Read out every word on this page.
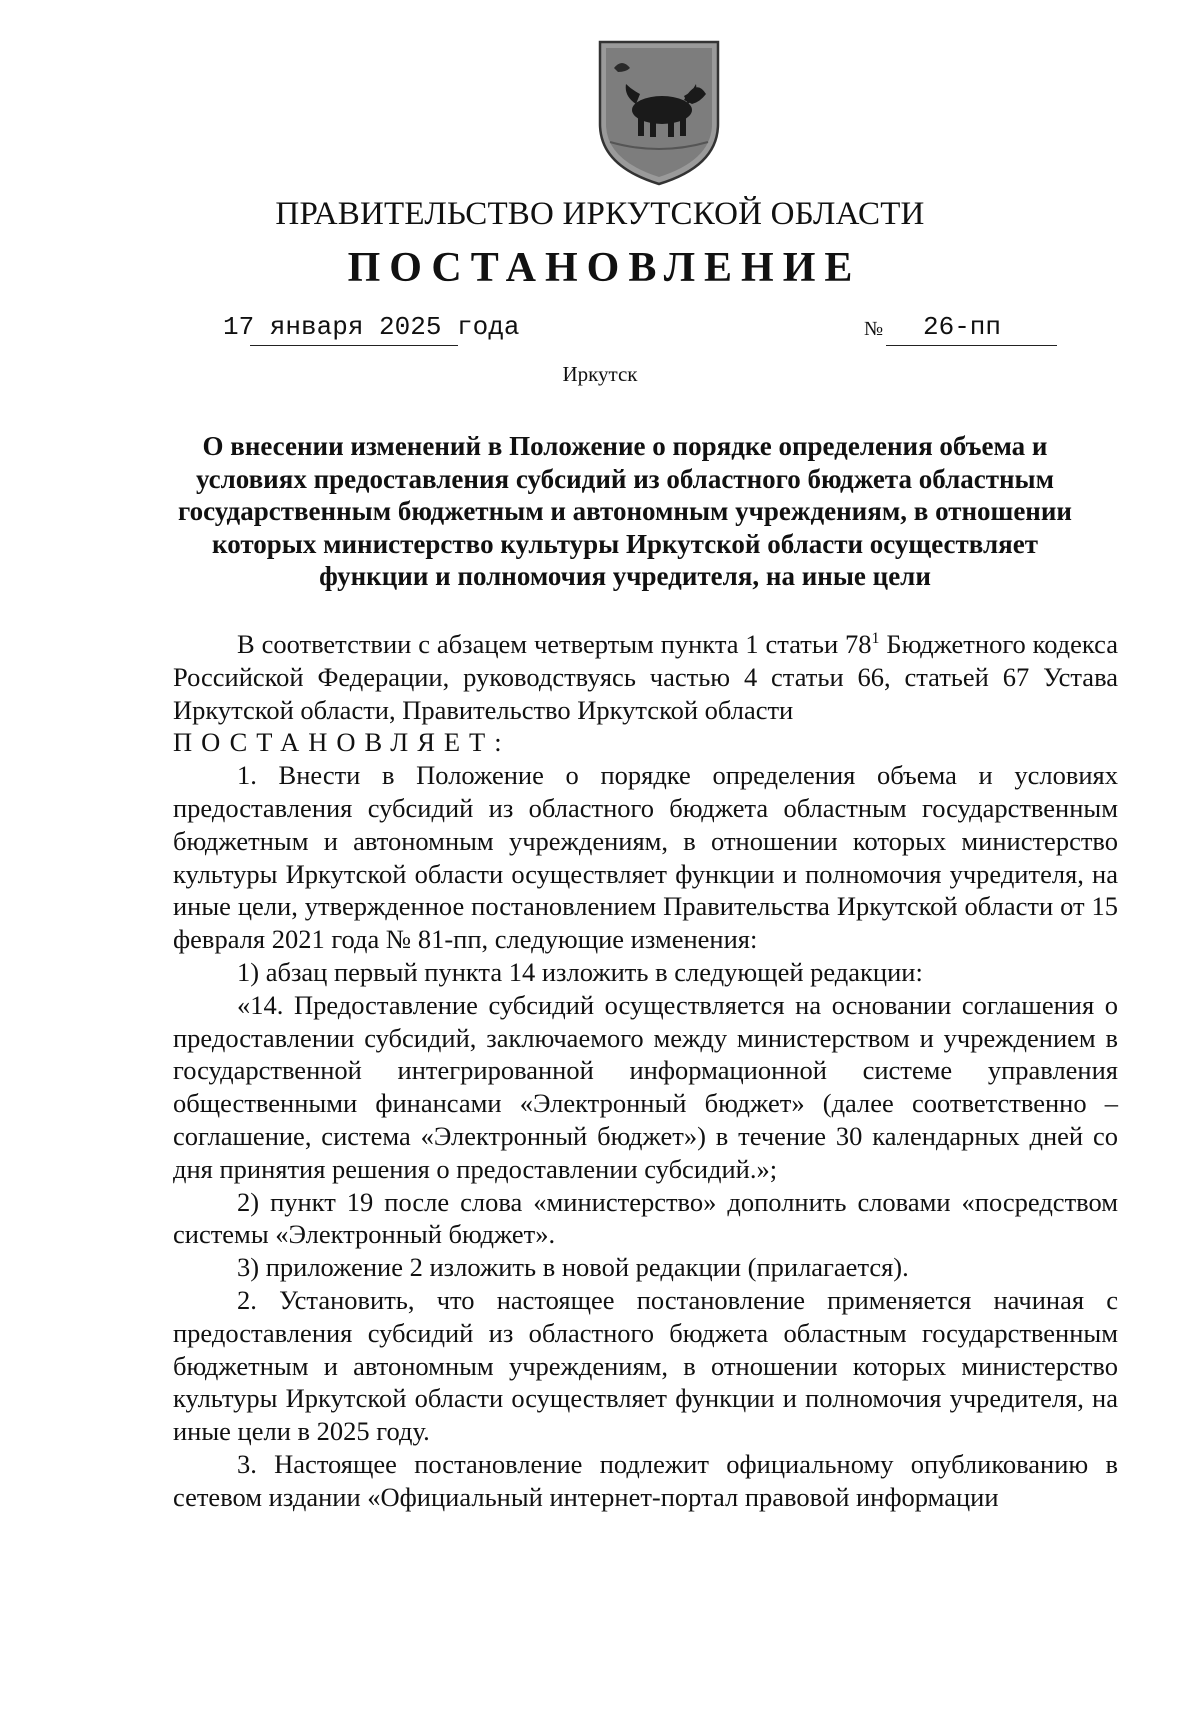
ПРАВИТЕЛЬСТВО ИРКУТСКОЙ ОБЛАСТИ
ПОСТАНОВЛЕНИЕ
17 января 2025 года	№ 26-пп
Иркутск
О внесении изменений в Положение о порядке определения объема и условиях предоставления субсидий из областного бюджета областным государственным бюджетным и автономным учреждениям, в отношении которых министерство культуры Иркутской области осуществляет функции и полномочия учредителя, на иные цели

В соответствии с абзацем четвертым пункта 1 статьи $78^1$ Бюджетного кодекса Российской Федерации, руководствуясь частью 4 статьи 66, статьей 67 Устава Иркутской области, Правительство Иркутской области

ПОСТАНОВЛЯЕТ:

1. Внести в Положение о порядке определения объема и условиях предоставления субсидий из областного бюджета областным государственным бюджетным и автономным учреждениям, в отношении которых министерство культуры Иркутской области осуществляет функции и полномочия учредителя, на иные цели, утвержденное постановлением Правительства Иркутской области от 15 февраля 2021 года № 81-пп, следующие изменения:

1) абзац первый пункта 14 изложить в следующей редакции:

«14. Предоставление субсидий осуществляется на основании соглашения о предоставлении субсидий, заключаемого между министерством и учреждением в государственной интегрированной информационной системе управления общественными финансами «Электронный бюджет» (далее соответственно – соглашение, система «Электронный бюджет») в течение 30 календарных дней со дня принятия решения о предоставлении субсидий.»;

2) пункт 19 после слова «министерство» дополнить словами «посредством системы «Электронный бюджет».

3) приложение 2 изложить в новой редакции (прилагается).

2. Установить, что настоящее постановление применяется начиная с предоставления субсидий из областного бюджета областным государственным бюджетным и автономным учреждениям, в отношении которых министерство культуры Иркутской области осуществляет функции и полномочия учредителя, на иные цели в 2025 году.

3. Настоящее постановление подлежит официальному опубликованию в сетевом издании «Официальный интернет-портал правовой информации
